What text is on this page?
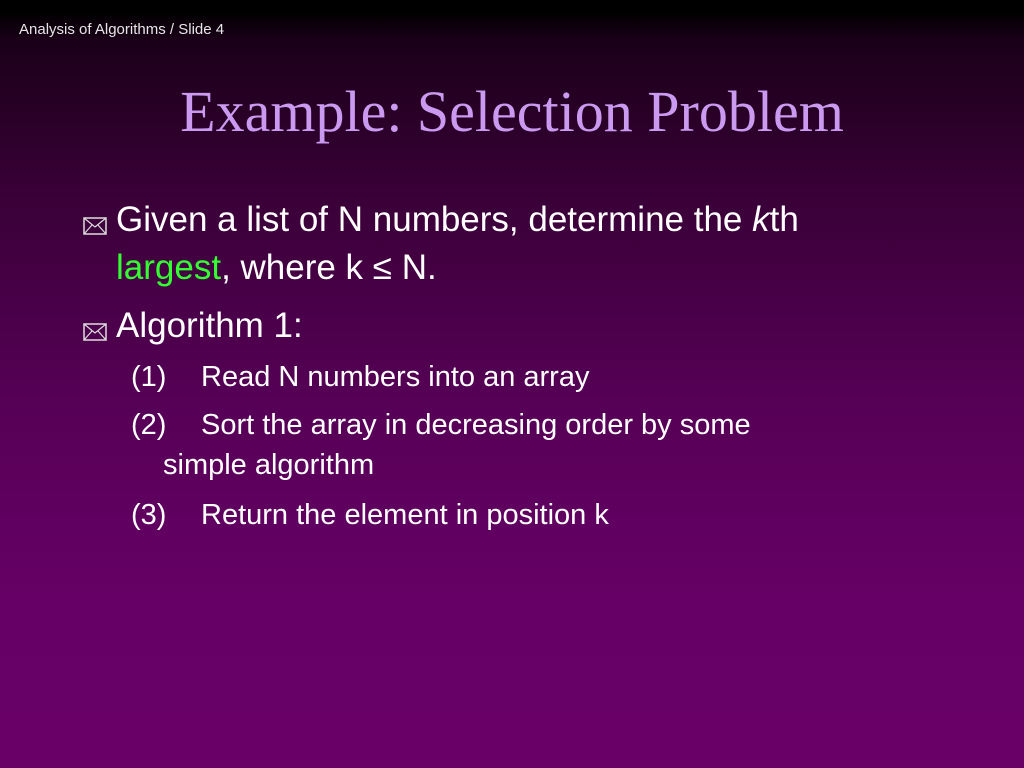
Analysis of Algorithms / Slide 4
Example: Selection Problem
Given a list of N numbers, determine the kth
largest, where k ≤ N.
Algorithm 1:
(1) Read N numbers into an array
(2) Sort the array in decreasing order by some
simple algorithm
(3) Return the element in position k
